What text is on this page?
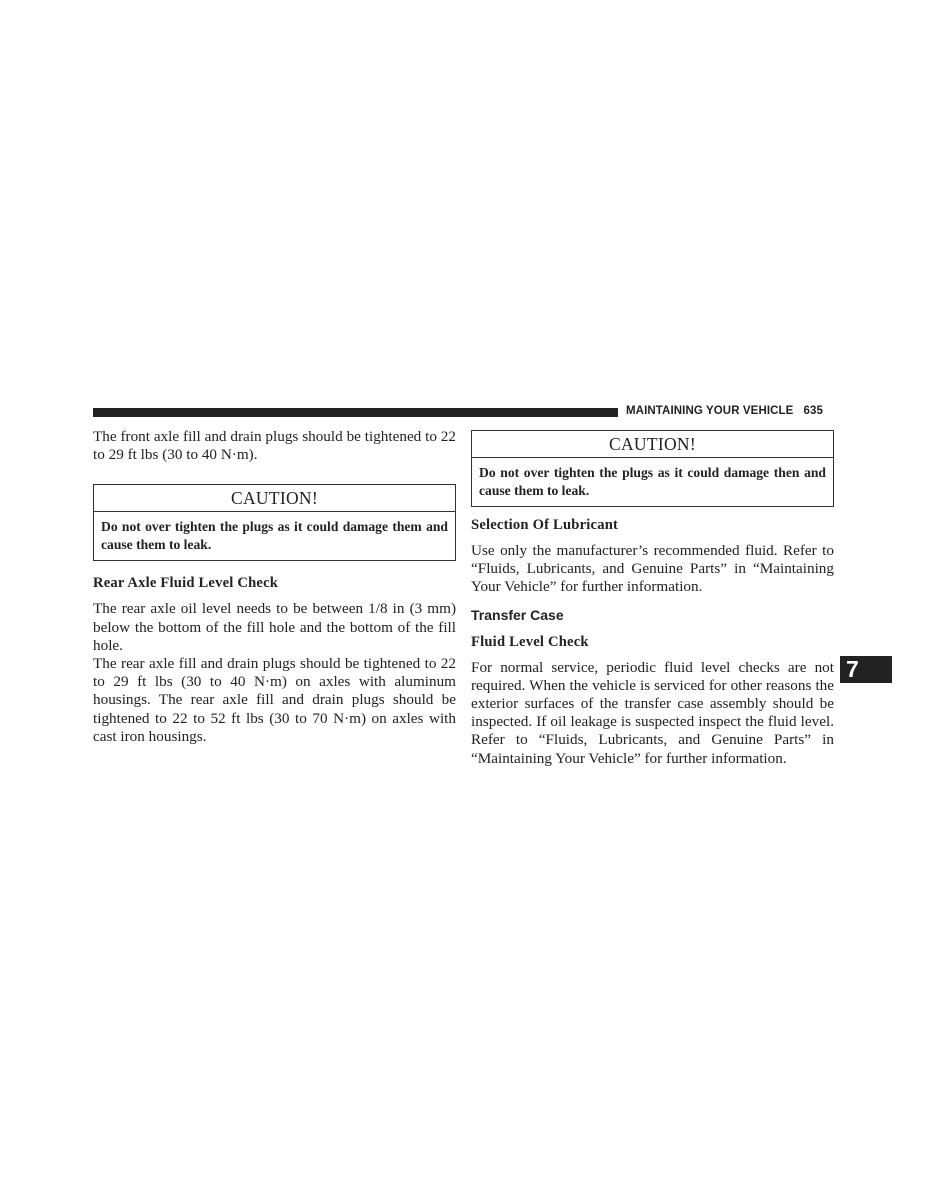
MAINTAINING YOUR VEHICLE 635

The front axle fill and drain plugs should be tightened to 22 to 29 ft lbs (30 to 40 N·m).

CAUTION!
Do not over tighten the plugs as it could damage them and cause them to leak.
Rear Axle Fluid Level Check

The rear axle oil level needs to be between 1/8 in (3 mm) below the bottom of the fill hole and the bottom of the fill hole.

The rear axle fill and drain plugs should be tightened to 22 to 29 ft lbs (30 to 40 N·m) on axles with aluminum housings. The rear axle fill and drain plugs should be tightened to 22 to 52 ft lbs (30 to 70 N·m) on axles with cast iron housings.

CAUTION!
Do not over tighten the plugs as it could damage then and cause them to leak.
Selection Of Lubricant

Use only the manufacturer’s recommended fluid. Refer to “Fluids, Lubricants, and Genuine Parts” in “Maintaining Your Vehicle” for further information.

Transfer Case
Fluid Level Check

For normal service, periodic fluid level checks are not required. When the vehicle is serviced for other reasons the exterior surfaces of the transfer case assembly should be inspected. If oil leakage is suspected inspect the fluid level. Refer to “Fluids, Lubricants, and Genuine Parts” in “Maintaining Your Vehicle” for further information.

7
